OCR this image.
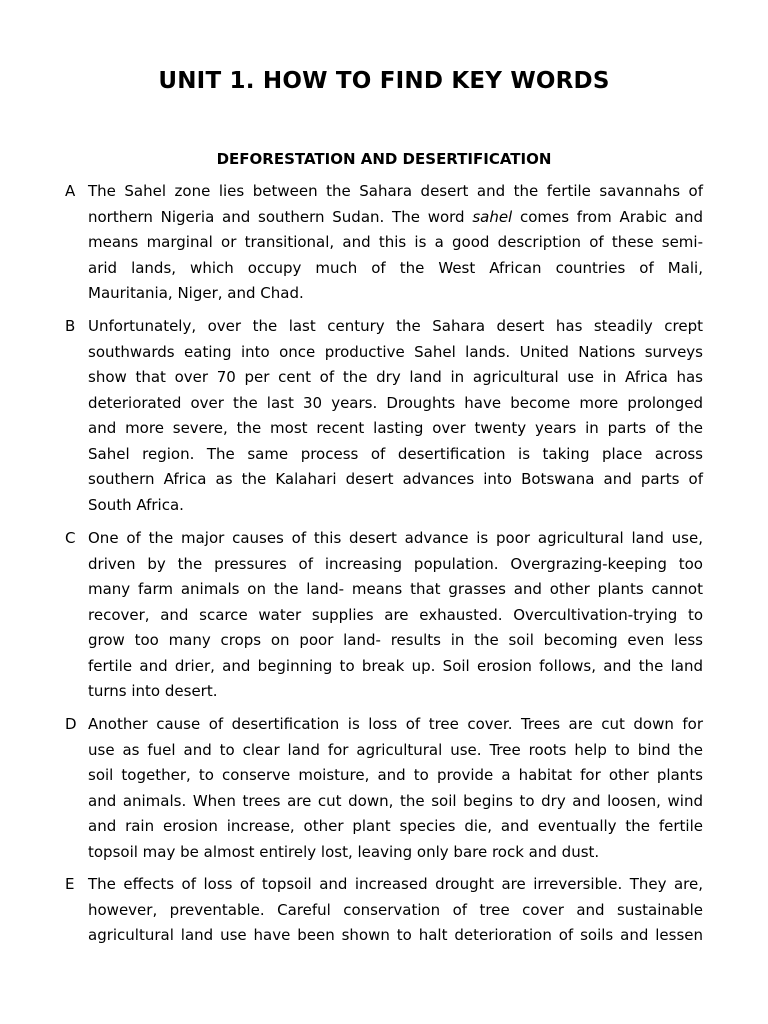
UNIT 1. HOW TO FIND KEY WORDS
DEFORESTATION AND DESERTIFICATION
A The Sahel zone lies between the Sahara desert and the fertile savannahs of
northern Nigeria and southern Sudan. The word sahel comes from Arabic and
means marginal or transitional, and this is a good description of these semi-
arid lands, which occupy much of the West African countries of Mali,
Mauritania, Niger, and Chad.
B Unfortunately, over the last century the Sahara desert has steadily crept
southwards eating into once productive Sahel lands. United Nations surveys
show that over 70 per cent of the dry land in agricultural use in Africa has
deteriorated over the last 30 years. Droughts have become more prolonged
and more severe, the most recent lasting over twenty years in parts of the
Sahel region. The same process of desertification is taking place across
southern Africa as the Kalahari desert advances into Botswana and parts of
South Africa.
C One of the major causes of this desert advance is poor agricultural land use,
driven by the pressures of increasing population. Overgrazing-keeping too
many farm animals on the land- means that grasses and other plants cannot
recover, and scarce water supplies are exhausted. Overcultivation-trying to
grow too many crops on poor land- results in the soil becoming even less
fertile and drier, and beginning to break up. Soil erosion follows, and the land
turns into desert.
D Another cause of desertification is loss of tree cover. Trees are cut down for
use as fuel and to clear land for agricultural use. Tree roots help to bind the
soil together, to conserve moisture, and to provide a habitat for other plants
and animals. When trees are cut down, the soil begins to dry and loosen, wind
and rain erosion increase, other plant species die, and eventually the fertile
topsoil may be almost entirely lost, leaving only bare rock and dust.
E The effects of loss of topsoil and increased drought are irreversible. They are,
however, preventable. Careful conservation of tree cover and sustainable
agricultural land use have been shown to halt deterioration of soils and lessen
